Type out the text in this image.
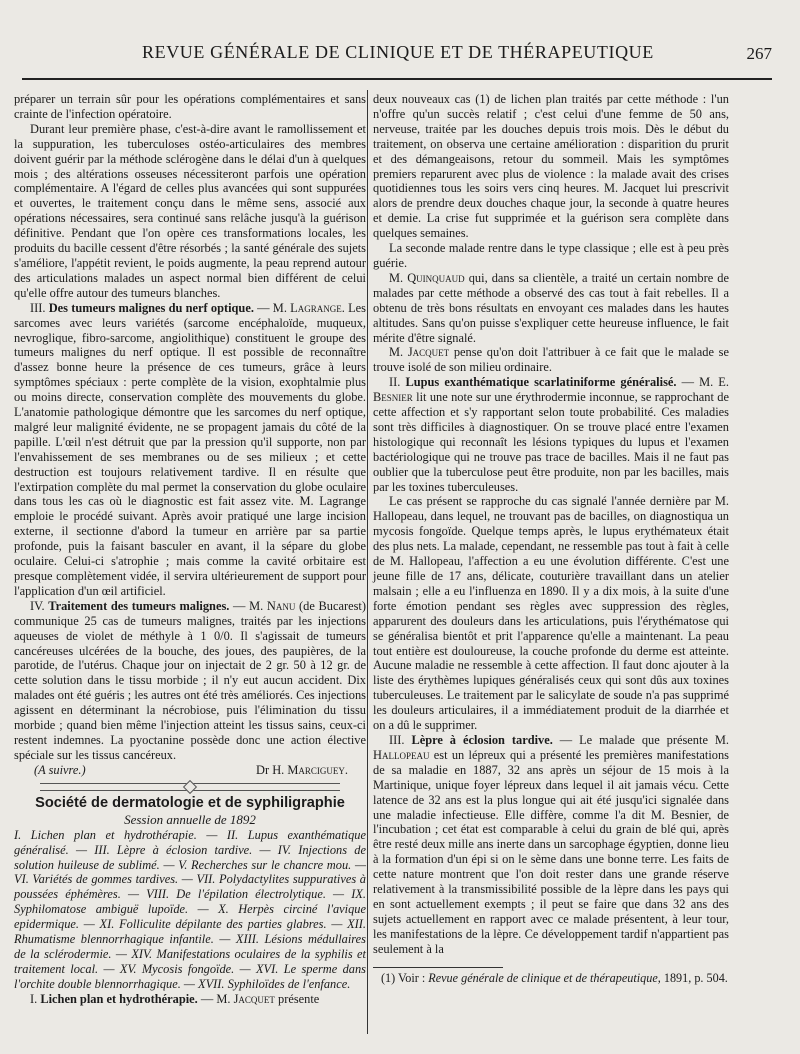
REVUE GÉNÉRALE DE CLINIQUE ET DE THÉRAPEUTIQUE	267

préparer un terrain sûr pour les opérations complémentaires et sans crainte de l'infection opératoire.

Durant leur première phase, c'est-à-dire avant le ramollissement et la suppuration, les tuberculoses ostéo-articulaires des membres doivent guérir par la méthode sclérogène dans le délai d'un à quelques mois ; des altérations osseuses nécessiteront parfois une opération complémentaire. A l'égard de celles plus avancées qui sont suppurées et ouvertes, le traitement conçu dans le même sens, associé aux opérations nécessaires, sera continué sans relâche jusqu'à la guérison définitive. Pendant que l'on opère ces transformations locales, les produits du bacille cessent d'être résorbés ; la santé générale des sujets s'améliore, l'appétit revient, le poids augmente, la peau reprend autour des articulations malades un aspect normal bien différent de celui qu'elle offre autour des tumeurs blanches.

III. Des tumeurs malignes du nerf optique. — M. Lagrange. Les sarcomes avec leurs variétés (sarcome encéphaloïde, muqueux, nevroglique, fibro-sarcome, angiolithique) constituent le groupe des tumeurs malignes du nerf optique. Il est possible de reconnaître d'assez bonne heure la présence de ces tumeurs, grâce à leurs symptômes spéciaux : perte complète de la vision, exophtalmie plus ou moins directe, conservation complète des mouvements du globe. L'anatomie pathologique démontre que les sarcomes du nerf optique, malgré leur malignité évidente, ne se propagent jamais du côté de la papille. L'œil n'est détruit que par la pression qu'il supporte, non par l'envahissement de ses membranes ou de ses milieux ; et cette destruction est toujours relativement tardive. Il en résulte que l'extirpation complète du mal permet la conservation du globe oculaire dans tous les cas où le diagnostic est fait assez vite. M. Lagrange emploie le procédé suivant. Après avoir pratiqué une large incision externe, il sectionne d'abord la tumeur en arrière par sa partie profonde, puis la faisant basculer en avant, il la sépare du globe oculaire. Celui-ci s'atrophie ; mais comme la cavité orbitaire est presque complètement vidée, il servira ultérieurement de support pour l'application d'un œil artificiel.

IV. Traitement des tumeurs malignes. — M. Nanu (de Bucarest) communique 25 cas de tumeurs malignes, traités par les injections aqueuses de violet de méthyle à 1 0/0. Il s'agissait de tumeurs cancéreuses ulcérées de la bouche, des joues, des paupières, de la parotide, de l'utérus. Chaque jour on injectait de 2 gr. 50 à 12 gr. de cette solution dans le tissu morbide ; il n'y eut aucun accident. Dix malades ont été guéris ; les autres ont été très améliorés. Ces injections agissent en déterminant la nécrobiose, puis l'élimination du tissu morbide ; quand bien même l'injection atteint les tissus sains, ceux-ci restent indemnes. La pyoctanine possède donc une action élective spéciale sur les tissus cancéreux.

(A suivre.)	Dr H. Marciguey.
Société de dermatologie et de syphiligraphie
Session annuelle de 1892

I. Lichen plan et hydrothérapie. — II. Lupus exanthématique généralisé. — III. Lèpre à éclosion tardive. — IV. Injections de solution huileuse de sublimé. — V. Recherches sur le chancre mou. — VI. Variétés de gommes tardives. — VII. Polydactylites suppuratives à poussées éphémères. — VIII. De l'épilation électrolytique. — IX. Syphilomatose ambiguë lupoïde. — X. Herpès circiné l'avique epidermique. — XI. Folliculite dépilante des parties glabres. — XII. Rhumatisme blennorrhagique infantile. — XIII. Lésions médullaires de la sclérodermie. — XIV. Manifestations oculaires de la syphilis et traitement local. — XV. Mycosis fongoïde. — XVI. Le sperme dans l'orchite double blennorrhagique. — XVII. Syphiloïdes de l'enfance.

I. Lichen plan et hydrothérapie. — M. Jacquet présente

deux nouveaux cas (1) de lichen plan traités par cette méthode : l'un n'offre qu'un succès relatif ; c'est celui d'une femme de 50 ans, nerveuse, traitée par les douches depuis trois mois. Dès le début du traitement, on observa une certaine amélioration : disparition du prurit et des démangeaisons, retour du sommeil. Mais les symptômes premiers reparurent avec plus de violence : la malade avait des crises quotidiennes tous les soirs vers cinq heures. M. Jacquet lui prescrivit alors de prendre deux douches chaque jour, la seconde à quatre heures et demie. La crise fut supprimée et la guérison sera complète dans quelques semaines.

La seconde malade rentre dans le type classique ; elle est à peu près guérie.

M. Quinquaud qui, dans sa clientèle, a traité un certain nombre de malades par cette méthode a observé des cas tout à fait rebelles. Il a obtenu de très bons résultats en envoyant ces malades dans les hautes altitudes. Sans qu'on puisse s'expliquer cette heureuse influence, le fait mérite d'être signalé.

M. Jacquet pense qu'on doit l'attribuer à ce fait que le malade se trouve isolé de son milieu ordinaire.

II. Lupus exanthématique scarlatiniforme généralisé. — M. E. Besnier lit une note sur une érythrodermie inconnue, se rapprochant de cette affection et s'y rapportant selon toute probabilité. Ces maladies sont très difficiles à diagnostiquer. On se trouve placé entre l'examen histologique qui reconnaît les lésions typiques du lupus et l'examen bactériologique qui ne trouve pas trace de bacilles. Mais il ne faut pas oublier que la tuberculose peut être produite, non par les bacilles, mais par les toxines tuberculeuses.

Le cas présent se rapproche du cas signalé l'année dernière par M. Hallopeau, dans lequel, ne trouvant pas de bacilles, on diagnostiqua un mycosis fongoïde. Quelque temps après, le lupus erythémateux était des plus nets. La malade, cependant, ne ressemble pas tout à fait à celle de M. Hallopeau, l'affection a eu une évolution différente. C'est une jeune fille de 17 ans, délicate, couturière travaillant dans un atelier malsain ; elle a eu l'influenza en 1890. Il y a dix mois, à la suite d'une forte émotion pendant ses règles avec suppression des règles, apparurent des douleurs dans les articulations, puis l'érythématose qui se généralisa bientôt et prit l'apparence qu'elle a maintenant. La peau tout entière est douloureuse, la couche profonde du derme est atteinte. Aucune maladie ne ressemble à cette affection. Il faut donc ajouter à la liste des érythèmes lupiques généralisés ceux qui sont dûs aux toxines tuberculeuses. Le traitement par le salicylate de soude n'a pas supprimé les douleurs articulaires, il a immédiatement produit de la diarrhée et on a dû le supprimer.

III. Lèpre à éclosion tardive. — Le malade que présente M. Hallopeau est un lépreux qui a présenté les premières manifestations de sa maladie en 1887, 32 ans après un séjour de 15 mois à la Martinique, unique foyer lépreux dans lequel il ait jamais vécu. Cette latence de 32 ans est la plus longue qui ait été jusqu'ici signalée dans une maladie infectieuse. Elle diffère, comme l'a dit M. Besnier, de l'incubation ; cet état est comparable à celui du grain de blé qui, après être resté deux mille ans inerte dans un sarcophage égyptien, donne lieu à la formation d'un épi si on le sème dans une bonne terre. Les faits de cette nature montrent que l'on doit rester dans une grande réserve relativement à la transmissibilité possible de la lèpre dans les pays qui en sont actuellement exempts ; il peut se faire que dans 32 ans des sujets actuellement en rapport avec ce malade présentent, à leur tour, les manifestations de la lèpre. Ce développement tardif n'appartient pas seulement à la

(1) Voir : Revue générale de clinique et de thérapeutique, 1891, p. 504.
